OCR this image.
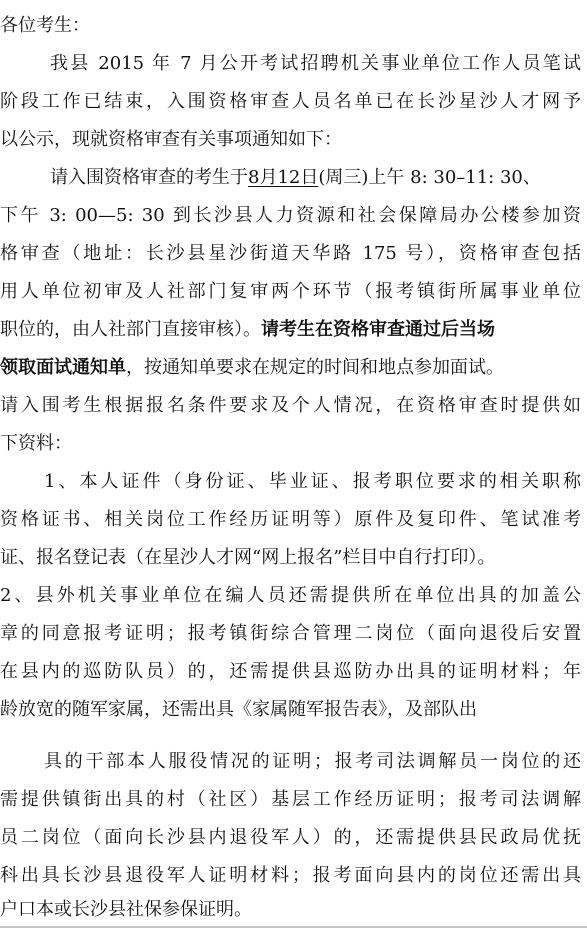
各位考生：
我县 2015 年 7 月公开考试招聘机关事业单位工作人员笔试
阶段工作已结束，入围资格审查人员名单已在长沙星沙人才网予
以公示，现就资格审查有关事项通知如下：
请入围资格审查的考生于8月12日(周三)上午 8: 30–11: 30、
下午 3: 00—5: 30 到长沙县人力资源和社会保障局办公楼参加资
格审查（地址：长沙县星沙街道天华路 175 号），资格审查包括
用人单位初审及人社部门复审两个环节（报考镇街所属事业单位
职位的，由人社部门直接审核）。请考生在资格审查通过后当场
领取面试通知单，按通知单要求在规定的时间和地点参加面试。
请入围考生根据报名条件要求及个人情况，在资格审查时提供如
下资料：
1、本人证件（身份证、毕业证、报考职位要求的相关职称
资格证书、相关岗位工作经历证明等）原件及复印件、笔试准考
证、报名登记表（在星沙人才网“网上报名”栏目中自行打印）。
2、县外机关事业单位在编人员还需提供所在单位出具的加盖公
章的同意报考证明；报考镇街综合管理二岗位（面向退役后安置
在县内的巡防队员）的，还需提供县巡防办出具的证明材料；年
龄放宽的随军家属，还需出具《家属随军报告表》，及部队出
具的干部本人服役情况的证明；报考司法调解员一岗位的还
需提供镇街出具的村（社区）基层工作经历证明；报考司法调解
员二岗位（面向长沙县内退役军人）的，还需提供县民政局优抚
科出具长沙县退役军人证明材料；报考面向县内的岗位还需出具
户口本或长沙县社保参保证明。
